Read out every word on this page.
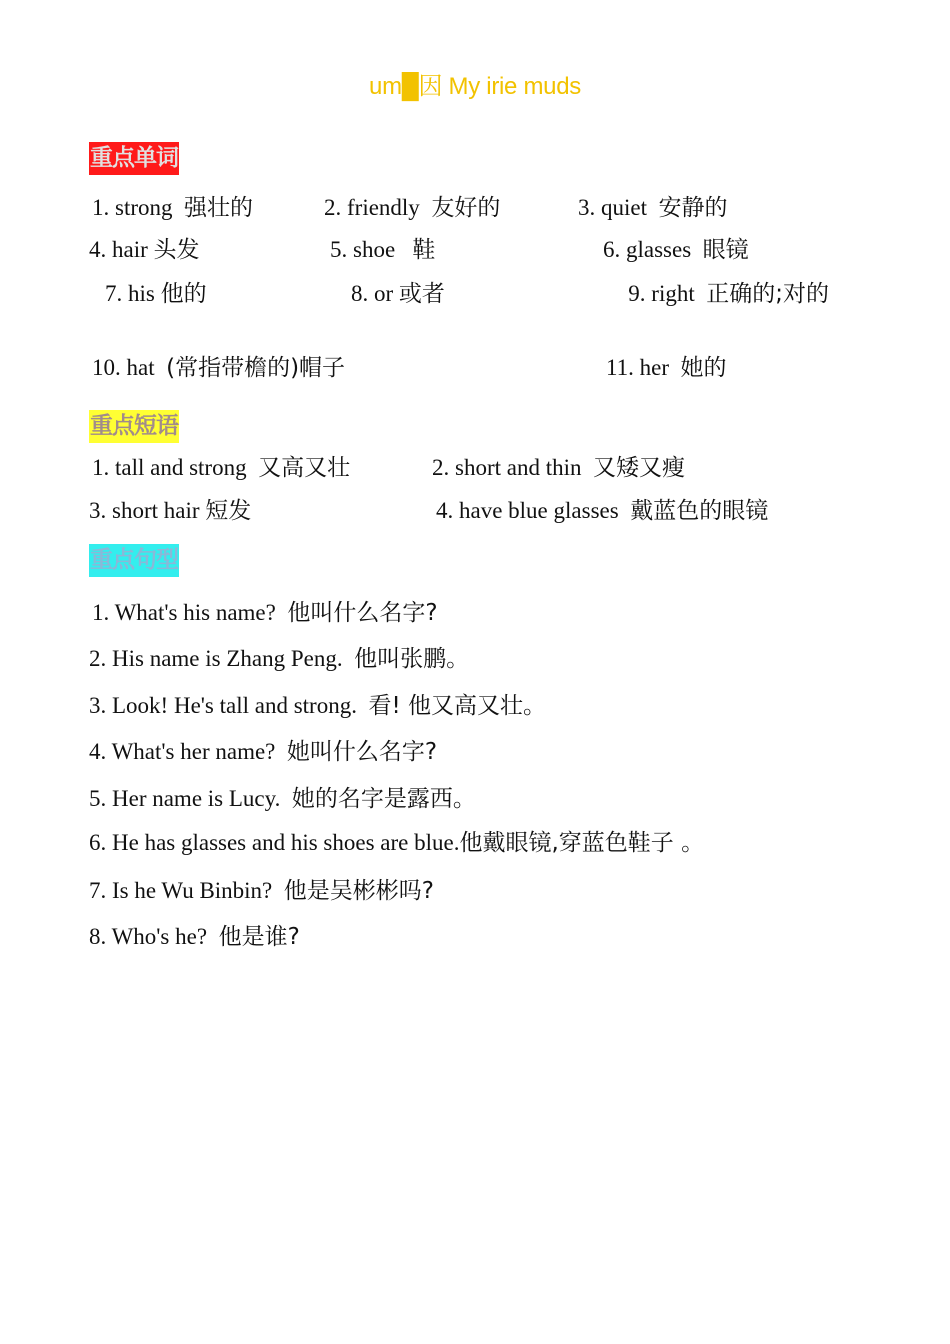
um█因 My irie muds
重点单词
1. strong 强壮的	2. friendly 友好的	3. quiet 安静的
4. hair 头发	5. shoe 鞋	6. glasses 眼镜
7. his 他的	8. or 或者	9. right 正确的;对的
10. hat (常指带檐的)帽子	11. her 她的
重点短语
1. tall and strong 又高又壮	2. short and thin 又矮又瘦
3. short hair 短发	4. have blue glasses 戴蓝色的眼镜
重点句型
1. What's his name? 他叫什么名字?
2. His name is Zhang Peng. 他叫张鹏。
3. Look! He's tall and strong. 看! 他又高又壮。
4. What's her name? 她叫什么名字?
5. Her name is Lucy. 她的名字是露西。
6. He has glasses and his shoes are blue.他戴眼镜,穿蓝色鞋子 。
7. Is he Wu Binbin? 他是吴彬彬吗?
8. Who's he? 他是谁?
